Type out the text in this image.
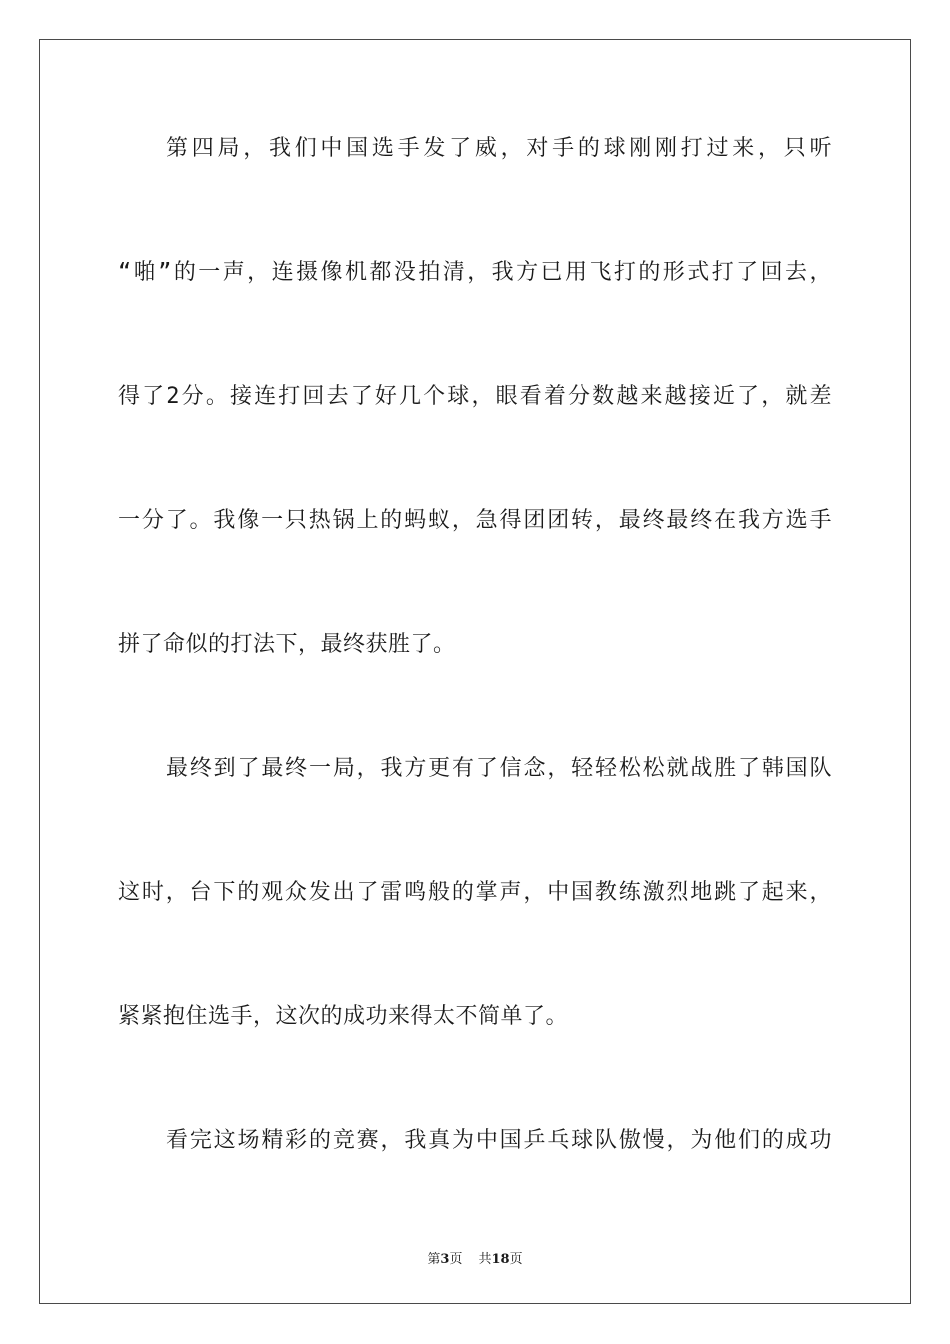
第四局，我们中国选手发了威，对手的球刚刚打过来，只听
“啪”的一声，连摄像机都没拍清，我方已用飞打的形式打了回去，
得了2分。接连打回去了好几个球，眼看着分数越来越接近了，就差
一分了。我像一只热锅上的蚂蚁，急得团团转，最终最终在我方选手
拼了命似的打法下，最终获胜了。
最终到了最终一局，我方更有了信念，轻轻松松就战胜了韩国队
这时，台下的观众发出了雷鸣般的掌声，中国教练激烈地跳了起来，
紧紧抱住选手，这次的成功来得太不简单了。
看完这场精彩的竞赛，我真为中国乒乓球队傲慢，为他们的成功
第3页 共18页
